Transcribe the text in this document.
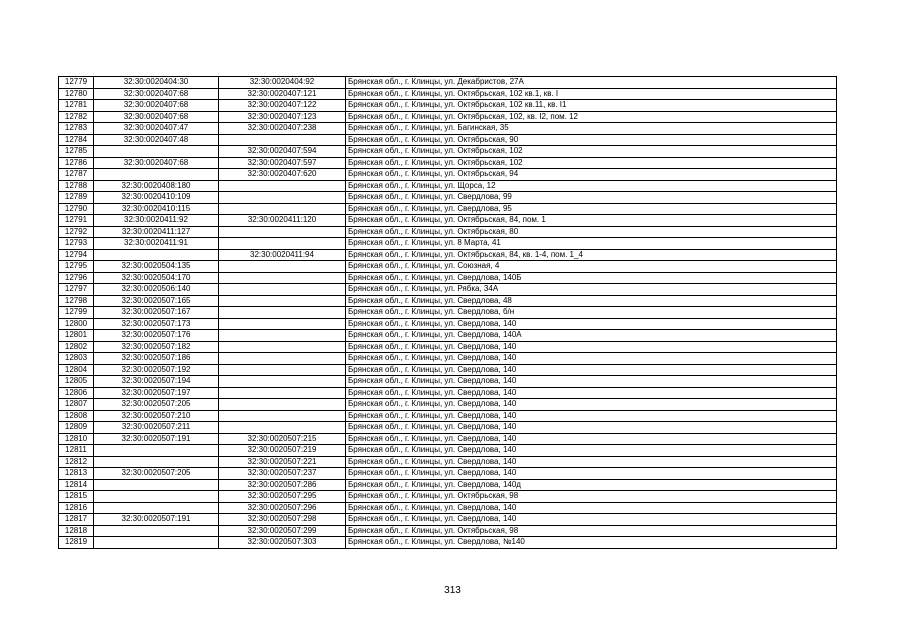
12779	32:30:0020404:30	32:30:0020404:92	Брянская обл., г. Клинцы, ул. Декабристов, 27А
12780	32:30:0020407:68	32:30:0020407:121	Брянская обл., г. Клинцы, ул. Октябрьская, 102 кв.1, кв. I
12781	32:30:0020407:68	32:30:0020407:122	Брянская обл., г. Клинцы, ул. Октябрьская, 102 кв.11, кв. I1
12782	32:30:0020407:68	32:30:0020407:123	Брянская обл., г. Клинцы, ул. Октябрьская, 102, кв. I2, пом. 12
12783	32:30:0020407:47	32:30:0020407:238	Брянская обл., г. Клинцы, ул. Багинская, 35
12784	32:30:0020407:48		Брянская обл., г. Клинцы, ул. Октябрьская, 90
12785		32:30:0020407:594	Брянская обл., г. Клинцы, ул. Октябрьская, 102
12786	32:30:0020407:68	32:30:0020407:597	Брянская обл., г. Клинцы, ул. Октябрьская, 102
12787		32:30:0020407:620	Брянская обл., г. Клинцы, ул. Октябрьская, 94
12788	32:30:0020408:180		Брянская обл., г. Клинцы, ул. Щорса, 12
12789	32:30:0020410:109		Брянская обл., г. Клинцы, ул. Свердлова, 99
12790	32:30:0020410:115		Брянская обл., г. Клинцы, ул. Свердлова, 95
12791	32:30:0020411:92	32:30:0020411:120	Брянская обл., г. Клинцы, ул. Октябрьская, 84, пом. 1
12792	32:30:0020411:127		Брянская обл., г. Клинцы, ул. Октябрьская, 80
12793	32:30:0020411:91		Брянская обл., г. Клинцы, ул. 8 Марта, 41
12794		32:30:0020411:94	Брянская обл., г. Клинцы, ул. Октябрьская, 84, кв. 1-4, пом. 1_4
12795	32:30:0020504:135		Брянская обл., г. Клинцы, ул. Союзная, 4
12796	32:30:0020504:170		Брянская обл., г. Клинцы, ул. Свердлова, 140Б
12797	32:30:0020506:140		Брянская обл., г. Клинцы, ул. Рябка, 34А
12798	32:30:0020507:165		Брянская обл., г. Клинцы, ул. Свердлова, 48
12799	32:30:0020507:167		Брянская обл., г. Клинцы, ул. Свердлова, б/н
12800	32:30:0020507:173		Брянская обл., г. Клинцы, ул. Свердлова, 140
12801	32:30:0020507:176		Брянская обл., г. Клинцы, ул. Свердлова, 140А
12802	32:30:0020507:182		Брянская обл., г. Клинцы, ул. Свердлова, 140
12803	32:30:0020507:186		Брянская обл., г. Клинцы, ул. Свердлова, 140
12804	32:30:0020507:192		Брянская обл., г. Клинцы, ул. Свердлова, 140
12805	32:30:0020507:194		Брянская обл., г. Клинцы, ул. Свердлова, 140
12806	32:30:0020507:197		Брянская обл., г. Клинцы, ул. Свердлова, 140
12807	32:30:0020507:205		Брянская обл., г. Клинцы, ул. Свердлова, 140
12808	32:30:0020507:210		Брянская обл., г. Клинцы, ул. Свердлова, 140
12809	32:30:0020507:211		Брянская обл., г. Клинцы, ул. Свердлова, 140
12810	32:30:0020507:191	32:30:0020507:215	Брянская обл., г. Клинцы, ул. Свердлова, 140
12811		32:30:0020507:219	Брянская обл., г. Клинцы, ул. Свердлова, 140
12812		32:30:0020507:221	Брянская обл., г. Клинцы, ул. Свердлова, 140
12813	32:30:0020507:205	32:30:0020507:237	Брянская обл., г. Клинцы, ул. Свердлова, 140
12814		32:30:0020507:286	Брянская обл., г. Клинцы, ул. Свердлова, 140д
12815		32:30:0020507:295	Брянская обл., г. Клинцы, ул. Октябрьская, 98
12816		32:30:0020507:296	Брянская обл., г. Клинцы, ул. Свердлова, 140
12817	32:30:0020507:191	32:30:0020507:298	Брянская обл., г. Клинцы, ул. Свердлова, 140
12818		32:30:0020507:299	Брянская обл., г. Клинцы, ул. Октябрьская, 98
12819		32:30:0020507:303	Брянская обл., г. Клинцы, ул. Свердлова, №140
313
